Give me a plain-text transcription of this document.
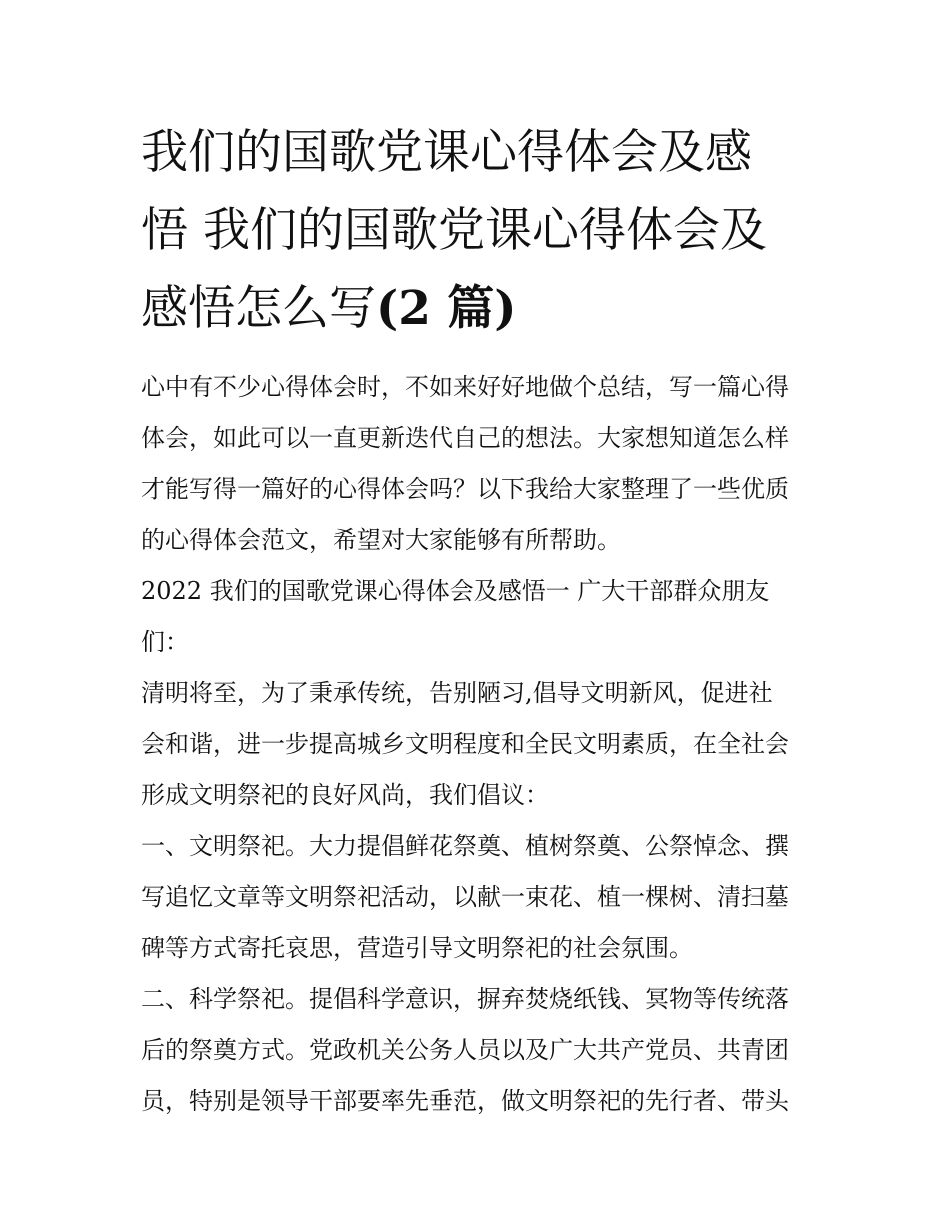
我们的国歌党课心得体会及感
悟 我们的国歌党课心得体会及
感悟怎么写(2 篇)
心中有不少心得体会时，不如来好好地做个总结，写一篇心得
体会，如此可以一直更新迭代自己的想法。大家想知道怎么样
才能写得一篇好的心得体会吗？以下我给大家整理了一些优质
的心得体会范文，希望对大家能够有所帮助。
2022 我们的国歌党课心得体会及感悟一 广大干部群众朋友
们：
清明将至，为了秉承传统，告别陋习,倡导文明新风，促进社
会和谐，进一步提高城乡文明程度和全民文明素质，在全社会
形成文明祭祀的良好风尚，我们倡议：
一、文明祭祀。大力提倡鲜花祭奠、植树祭奠、公祭悼念、撰
写追忆文章等文明祭祀活动，以献一束花、植一棵树、清扫墓
碑等方式寄托哀思，营造引导文明祭祀的社会氛围。
二、科学祭祀。提倡科学意识，摒弃焚烧纸钱、冥物等传统落
后的祭奠方式。党政机关公务人员以及广大共产党员、共青团
员，特别是领导干部要率先垂范，做文明祭祀的先行者、带头
